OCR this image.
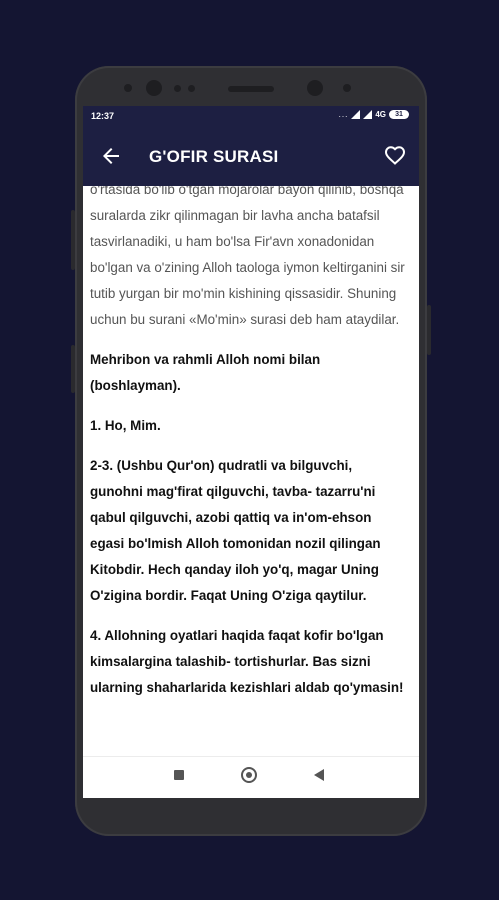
12:37	...	4G	31
G'OFIR SURASI

o'rtasida bo'lib o'tgan mojarolar bayon qilinib, boshqa suralarda zikr qilinmagan bir lavha ancha batafsil tasvirlanadiki, u ham bo'lsa Fir'avn xonadonidan bo'lgan va o'zining Alloh taologa iymon keltirganini sir tutib yurgan bir mo'min kishining qissasidir. Shuning uchun bu surani «Mo'min» surasi deb ham ataydilar.

Mehribon va rahmli Alloh nomi bilan (boshlayman).

1. Ho, Mim.

2-3. (Ushbu Qur'on) qudratli va bilguvchi, gunohni mag'firat qilguvchi, tavba- tazarru'ni qabul qilguvchi, azobi qattiq va in'om-ehson egasi bo'lmish Alloh tomonidan nozil qilingan Kitobdir. Hech qanday iloh yo'q, magar Uning O'zigina bordir. Faqat Uning O'ziga qaytilur.

4. Allohning oyatlari haqida faqat kofir bo'lgan kimsalargina talashib- tortishurlar. Bas sizni ularning shaharlarida kezishlari aldab qo'ymasin!
